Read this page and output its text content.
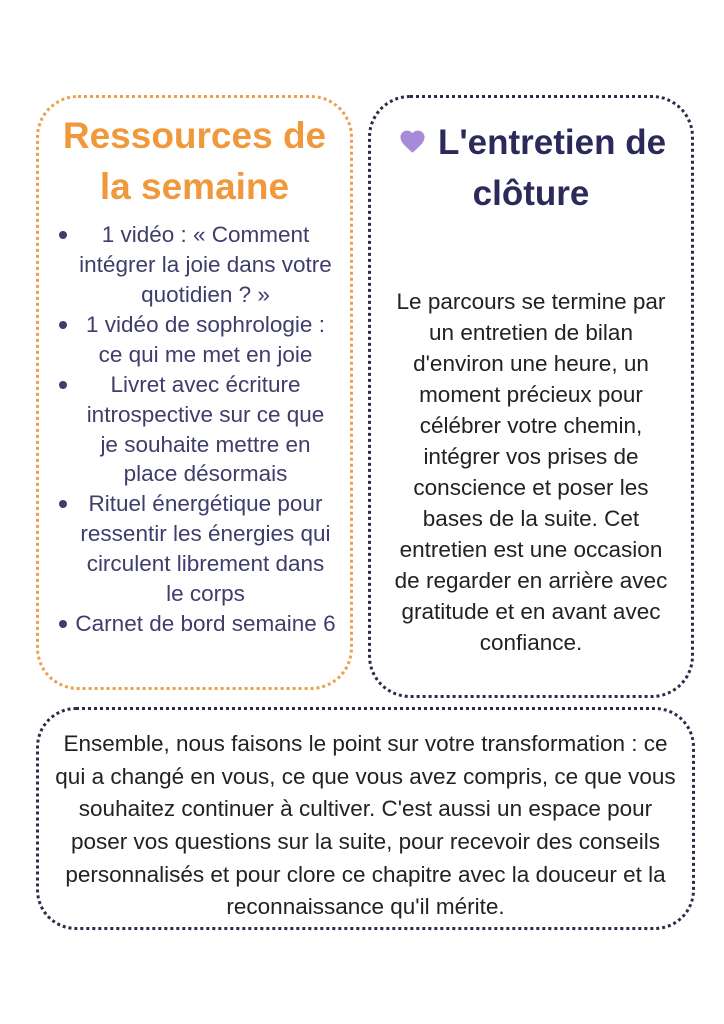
Ressources de la semaine
1 vidéo : « Comment intégrer la joie dans votre quotidien ? »
1 vidéo de sophrologie : ce qui me met en joie
Livret avec écriture introspective sur ce que je souhaite mettre en place désormais
Rituel énergétique pour ressentir les énergies qui circulent librement dans le corps
Carnet de bord semaine 6
L'entretien de clôture

Le parcours se termine par un entretien de bilan d'environ une heure, un moment précieux pour célébrer votre chemin, intégrer vos prises de conscience et poser les bases de la suite. Cet entretien est une occasion de regarder en arrière avec gratitude et en avant avec confiance.

Ensemble, nous faisons le point sur votre transformation : ce qui a changé en vous, ce que vous avez compris, ce que vous souhaitez continuer à cultiver. C'est aussi un espace pour poser vos questions sur la suite, pour recevoir des conseils personnalisés et pour clore ce chapitre avec la douceur et la reconnaissance qu'il mérite.
